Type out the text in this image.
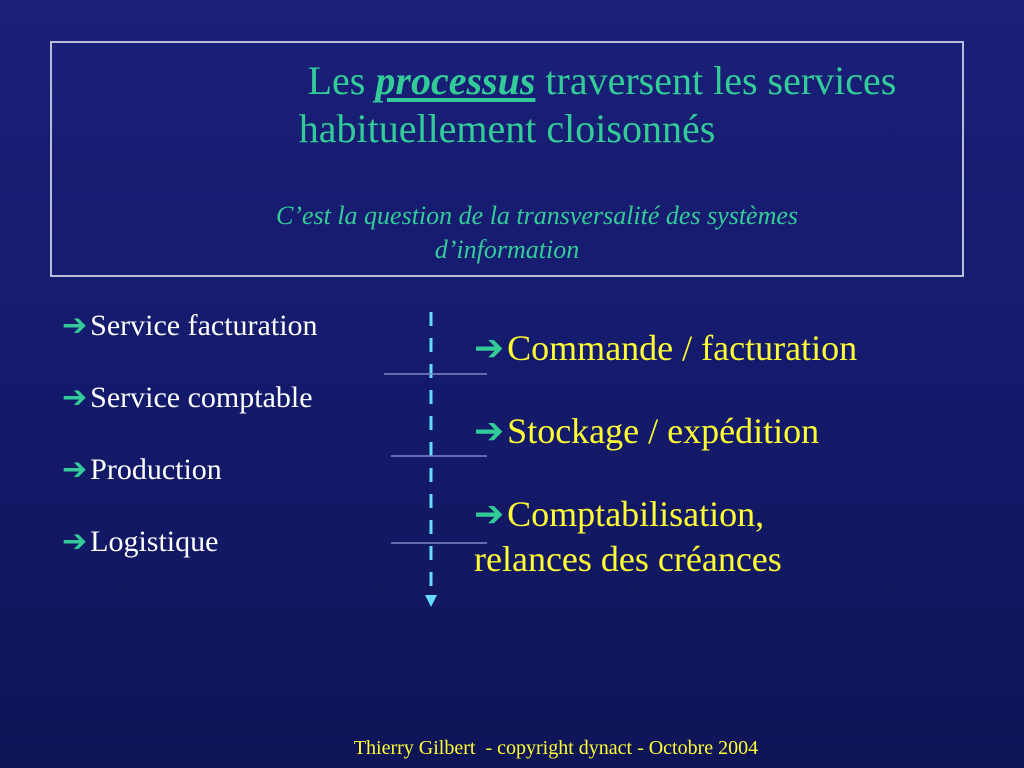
Les processus traversent les services
habituellement cloisonnés
C’est la question de la transversalité des systèmes
d’information
➔ Service facturation
➔ Service comptable
➔ Production
➔ Logistique
➔Commande / facturation
➔Stockage / expédition
➔Comptabilisation,
relances des créances
Thierry Gilbert  - copyright dynact - Octobre 2004
